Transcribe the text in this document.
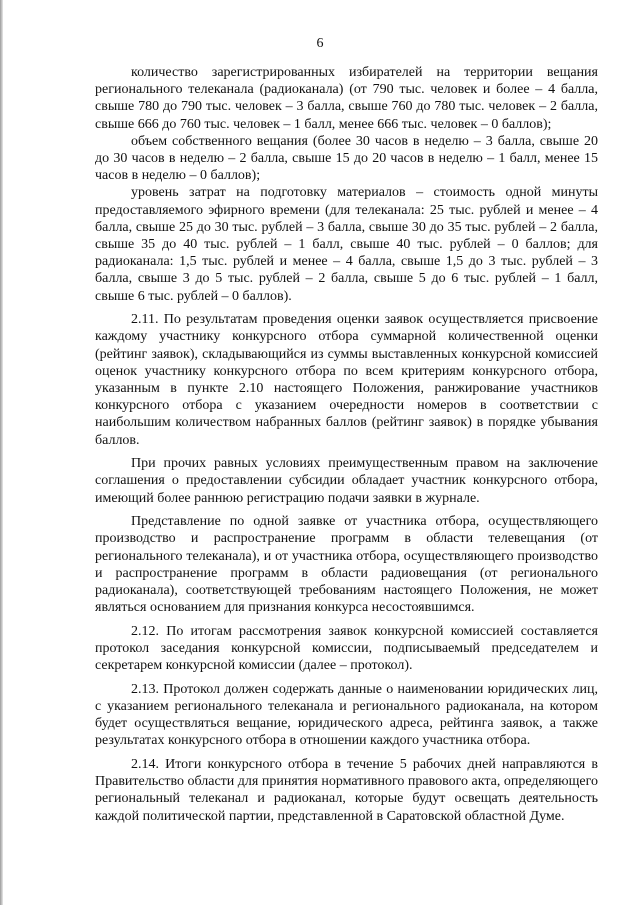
6

количество зарегистрированных избирателей на территории вещания регионального телеканала (радиоканала) (от 790 тыс. человек и более – 4 балла, свыше 780 до 790 тыс. человек – 3 балла, свыше 760 до 780 тыс. человек – 2 балла, свыше 666 до 760 тыс. человек – 1 балл, менее 666 тыс. человек – 0 баллов);

объем собственного вещания (более 30 часов в неделю – 3 балла, свыше 20 до 30 часов в неделю – 2 балла, свыше 15 до 20 часов в неделю – 1 балл, менее 15 часов в неделю – 0 баллов);

уровень затрат на подготовку материалов – стоимость одной минуты предоставляемого эфирного времени (для телеканала: 25 тыс. рублей и менее – 4 балла, свыше 25 до 30 тыс. рублей – 3 балла, свыше 30 до 35 тыс. рублей – 2 балла, свыше 35 до 40 тыс. рублей – 1 балл, свыше 40 тыс. рублей – 0 баллов; для радиоканала: 1,5 тыс. рублей и менее – 4 балла, свыше 1,5 до 3 тыс. рублей – 3 балла, свыше 3 до 5 тыс. рублей – 2 балла, свыше 5 до 6 тыс. рублей – 1 балл, свыше 6 тыс. рублей – 0 баллов).

2.11. По результатам проведения оценки заявок осуществляется присвоение каждому участнику конкурсного отбора суммарной количественной оценки (рейтинг заявок), складывающийся из суммы выставленных конкурсной комиссией оценок участнику конкурсного отбора по всем критериям конкурсного отбора, указанным в пункте 2.10 настоящего Положения, ранжирование участников конкурсного отбора с указанием очередности номеров в соответствии с наибольшим количеством набранных баллов (рейтинг заявок) в порядке убывания баллов.

При прочих равных условиях преимущественным правом на заключение соглашения о предоставлении субсидии обладает участник конкурсного отбора, имеющий более раннюю регистрацию подачи заявки в журнале.

Представление по одной заявке от участника отбора, осуществляющего производство и распространение программ в области телевещания (от регионального телеканала), и от участника отбора, осуществляющего производство и распространение программ в области радиовещания (от регионального радиоканала), соответствующей требованиям настоящего Положения, не может являться основанием для признания конкурса несостоявшимся.

2.12. По итогам рассмотрения заявок конкурсной комиссией составляется протокол заседания конкурсной комиссии, подписываемый председателем и секретарем конкурсной комиссии (далее – протокол).

2.13. Протокол должен содержать данные о наименовании юридических лиц, с указанием регионального телеканала и регионального радиоканала, на котором будет осуществляться вещание, юридического адреса, рейтинга заявок, а также результатах конкурсного отбора в отношении каждого участника отбора.

2.14. Итоги конкурсного отбора в течение 5 рабочих дней направляются в Правительство области для принятия нормативного правового акта, определяющего региональный телеканал и радиоканал, которые будут освещать деятельность каждой политической партии, представленной в Саратовской областной Думе.
